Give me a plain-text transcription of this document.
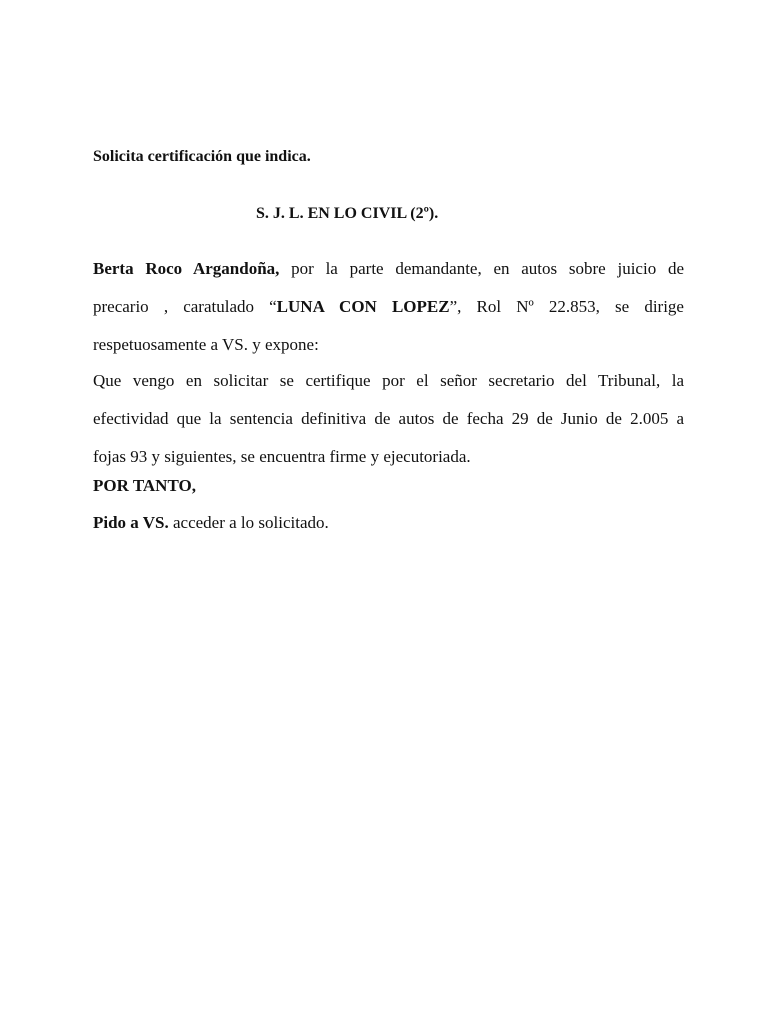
Solicita certificación que indica.
S. J. L. EN LO CIVIL (2º).
Berta Roco Argandoña, por la parte demandante, en autos sobre juicio de
precario , caratulado “LUNA CON LOPEZ”, Rol Nº 22.853, se dirige
respetuosamente a VS. y expone:
Que vengo en solicitar se certifique por el señor secretario del Tribunal, la
efectividad que la sentencia definitiva de autos de fecha 29 de Junio de 2.005 a
fojas 93 y siguientes, se encuentra firme y ejecutoriada.
POR TANTO,
Pido a VS. acceder a lo solicitado.
